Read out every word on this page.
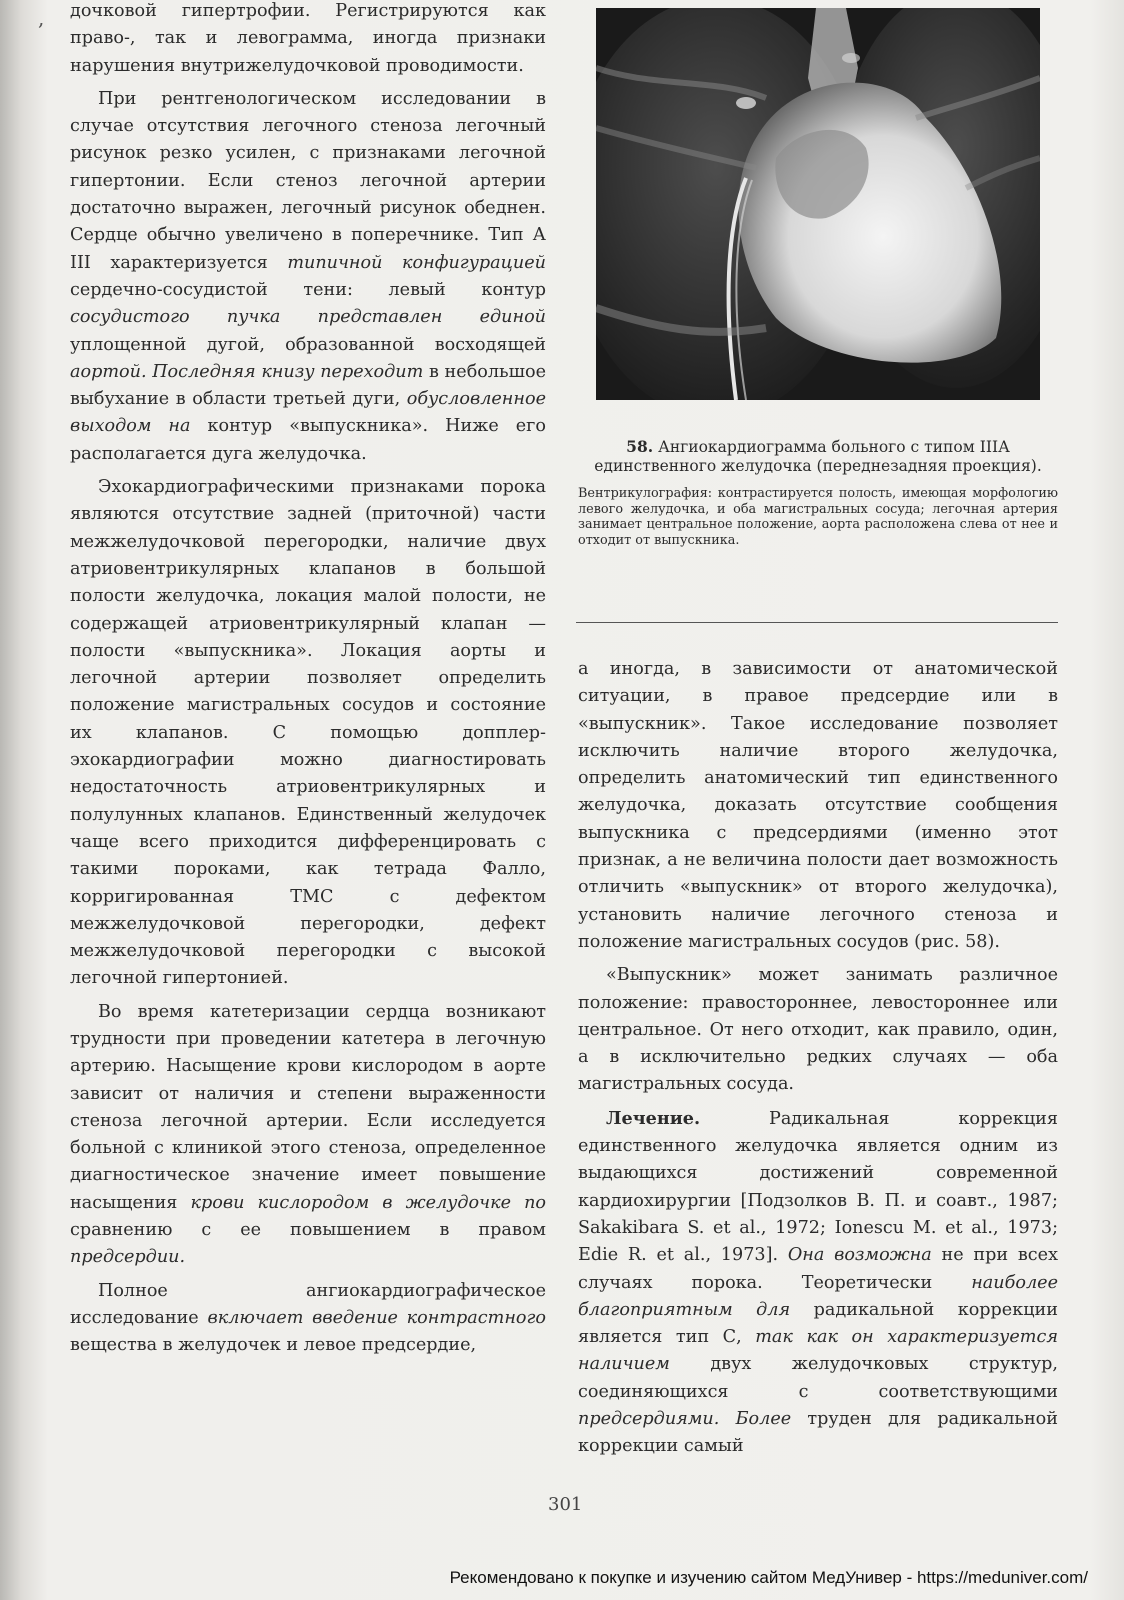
, дочковой гипертрофии. Регистрируются как право-, так и левограмма, иногда признаки нарушения внутрижелудочковой проводимости.

При рентгенологическом исследовании в случае отсутствия легочного стеноза легочный рисунок резко усилен, с признаками легочной гипертонии. Если стеноз легочной артерии достаточно выражен, легочный рисунок обеднен. Сердце обычно увеличено в поперечнике. Тип А III характеризуется типичной конфигурацией сердечно-сосудистой тени: левый контур сосудистого пучка представлен единой уплощенной дугой, образованной восходящей аортой. Последняя книзу переходит в небольшое выбухание в области третьей дуги, обусловленное выходом на контур «выпускника». Ниже его располагается дуга желудочка.

Эхокардиографическими признаками порока являются отсутствие задней (приточной) части межжелудочковой перегородки, наличие двух атриовентрикулярных клапанов в большой полости желудочка, локация малой полости, не содержащей атриовентрикулярный клапан — полости «выпускника». Локация аорты и легочной артерии позволяет определить положение магистральных сосудов и состояние их клапанов. С помощью допплер-эхокардиографии можно диагностировать недостаточность атриовентрикулярных и полулунных клапанов. Единственный желудочек чаще всего приходится дифференцировать с такими пороками, как тетрада Фалло, корригированная ТМС с дефектом межжелудочковой перегородки, дефект межжелудочковой перегородки с высокой легочной гипертонией.

Во время катетеризации сердца возникают трудности при проведении катетера в легочную артерию. Насыщение крови кислородом в аорте зависит от наличия и степени выраженности стеноза легочной артерии. Если исследуется больной с клиникой этого стеноза, определенное диагностическое значение имеет повышение насыщения крови кислородом в желудочке по сравнению с ее повышением в правом предсердии.

Полное ангиокардиографическое исследование включает введение контрастного вещества в желудочек и левое предсердие,

58. Ангиокардиограмма больного с типом IIIА единственного желудочка (переднезадняя проекция).

Вентрикулография: контрастируется полость, имеющая морфологию левого желудочка, и оба магистральных сосуда; легочная артерия занимает центральное положение, аорта расположена слева от нее и отходит от выпускника.

а иногда, в зависимости от анатомической ситуации, в правое предсердие или в «выпускник». Такое исследование позволяет исключить наличие второго желудочка, определить анатомический тип единственного желудочка, доказать отсутствие сообщения выпускника с предсердиями (именно этот признак, а не величина полости дает возможность отличить «выпускник» от второго желудочка), установить наличие легочного стеноза и положение магистральных сосудов (рис. 58).

«Выпускник» может занимать различное положение: правостороннее, левостороннее или центральное. От него отходит, как правило, один, а в исключительно редких случаях — оба магистральных сосуда.

Лечение. Радикальная коррекция единственного желудочка является одним из выдающихся достижений современной кардиохирургии [Подзолков В. П. и соавт., 1987; Sakakibara S. et al., 1972; Ionescu M. et al., 1973; Edie R. et al., 1973]. Она возможна не при всех случаях порока. Теоретически наиболее благоприятным для радикальной коррекции является тип С, так как он характеризуется наличием двух желудочковых структур, соединяющихся с соответствующими предсердиями. Более труден для радикальной коррекции самый

301
Рекомендовано к покупке и изучению сайтом МедУнивер - https://meduniver.com/
